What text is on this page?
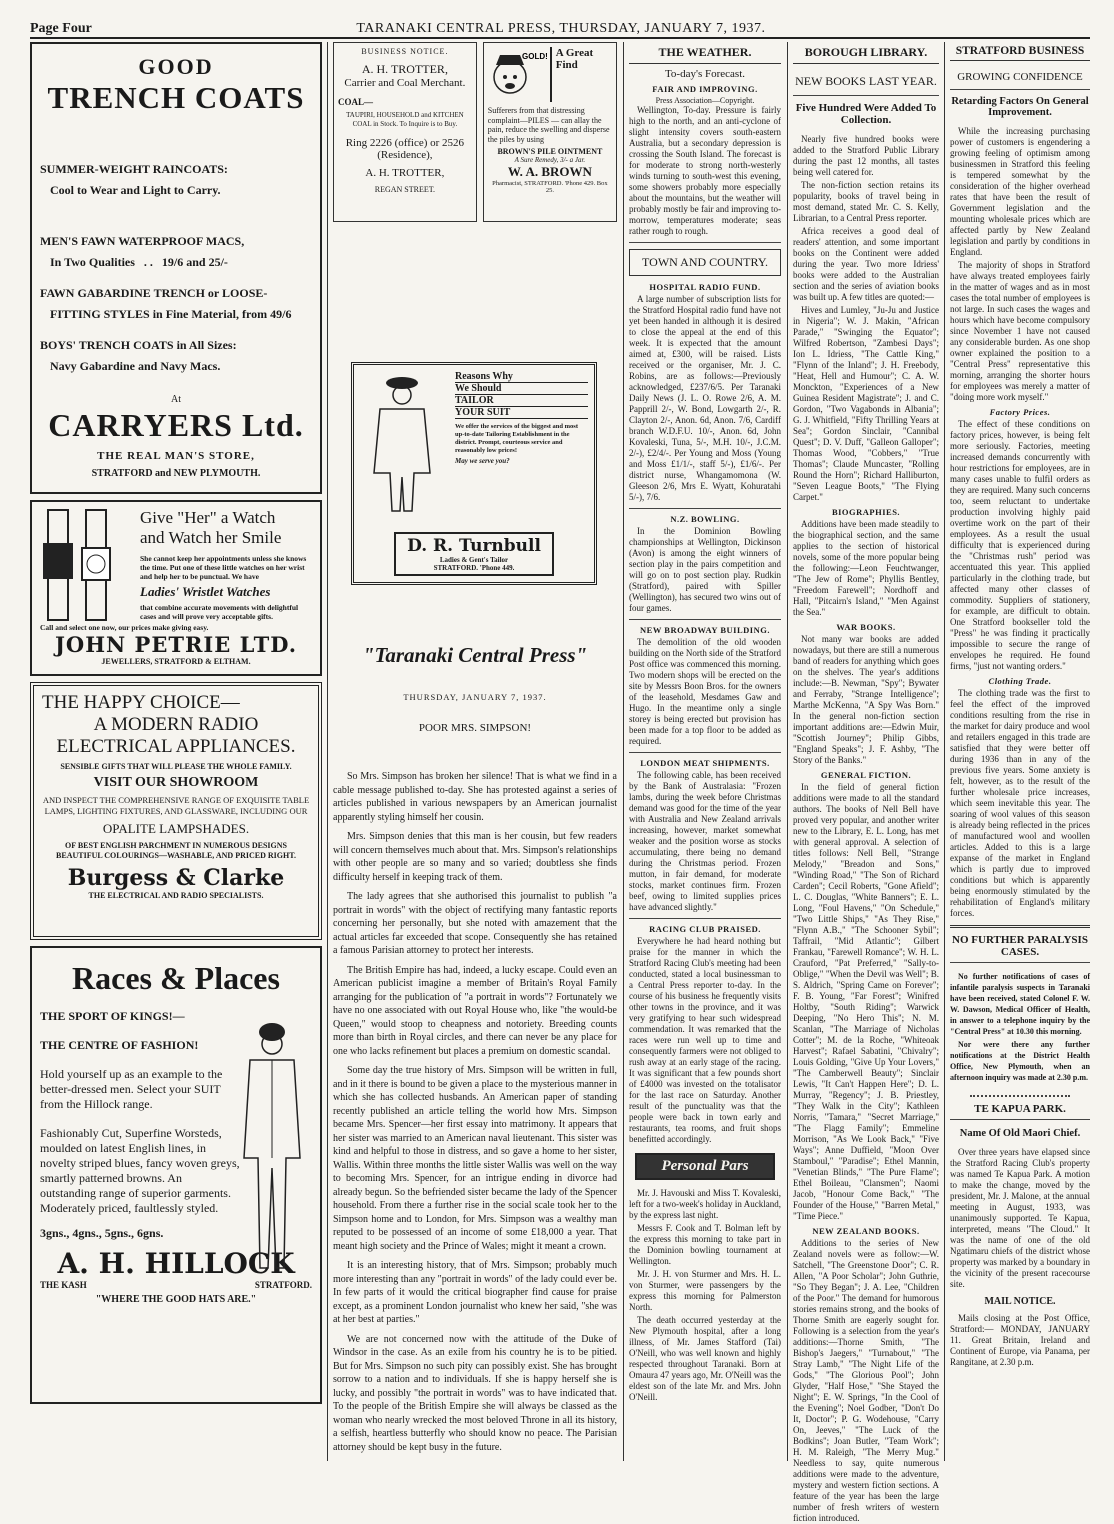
Page Four	TARANAKI CENTRAL PRESS, THURSDAY, JANUARY 7, 1937.
GOOD
TRENCH COATS
SUMMER-WEIGHT RAINCOATS:
Cool to Wear and Light to Carry.
MEN'S FAWN WATERPROOF MACS,
In Two Qualities   . .   19/6 and 25/-
FAWN GABARDINE TRENCH or LOOSE-
FITTING STYLES in Fine Material, from 49/6
BOYS' TRENCH COATS in All Sizes:
Navy Gabardine and Navy Macs.
At
CARRYERS Ltd.
THE REAL MAN'S STORE,
STRATFORD and NEW PLYMOUTH.
Give "Her" a Watch
and Watch her Smile
She cannot keep her appointments unless she knows the time. Put one of these little watches on her wrist and help her to be punctual. We have
Ladies' Wristlet Watches
that combine accurate movements with delightful cases and will prove very acceptable gifts.
Call and select one now, our prices make giving easy.
JOHN PETRIE LTD.
JEWELLERS, STRATFORD & ELTHAM.
THE HAPPY CHOICE—
A MODERN RADIO
ELECTRICAL APPLIANCES.
SENSIBLE GIFTS THAT WILL PLEASE THE WHOLE FAMILY.
VISIT OUR SHOWROOM
AND INSPECT THE COMPREHENSIVE RANGE OF EXQUISITE TABLE LAMPS, LIGHTING FIXTURES, AND GLASSWARE, INCLUDING OUR
OPALITE LAMPSHADES.
OF BEST ENGLISH PARCHMENT IN NUMEROUS DESIGNS BEAUTIFUL COLOURINGS—WASHABLE, AND PRICED RIGHT.
Burgess & Clarke
THE ELECTRICAL AND RADIO SPECIALISTS.
Races & Places
THE SPORT OF KINGS!—
THE CENTRE OF FASHION!
Hold yourself up as an example to the better-dressed men. Select your SUIT from the Hillock range.
Fashionably Cut, Superfine Worsteds, moulded on latest English lines, in novelty striped blues, fancy woven greys, smartly patterned browns. An outstanding range of superior garments. Moderately priced, faultlessly styled.
3gns., 4gns., 5gns., 6gns.
A. H. HILLOCK
THE KASH	STRATFORD.
"WHERE THE GOOD HATS ARE."
BUSINESS NOTICE.
A. H. TROTTER,
Carrier and Coal Merchant.
COAL—
TAUPIRI, HOUSEHOLD and KITCHEN COAL in Stock. To Inquire is to Buy.
Ring 2226 (office) or 2526 (Residence),
A. H. TROTTER,
REGAN STREET.
GOLD! A Great Find
Sufferers from that distressing complaint—PILES — can allay the pain, reduce the swelling and disperse the piles by using
BROWN'S PILE OINTMENT
A Sure Remedy, 3/- a Jar.
W. A. BROWN
Pharmacist, STRATFORD. 'Phone 429. Box 25.
Reasons Why
We Should
TAILOR
YOUR SUIT
We offer the services of the biggest and most up-to-date Tailoring Establishment in the district. Prompt, courteous service and reasonably low prices!
May we serve you?
D. R. Turnbull
Ladies & Gent's Tailor
STRATFORD. 'Phone 449.
"Taranaki Central Press"
THURSDAY, JANUARY 7, 1937.
POOR MRS. SIMPSON!

So Mrs. Simpson has broken her silence! That is what we find in a cable message published to-day. She has protested against a series of articles published in various newspapers by an American journalist apparently styling himself her cousin.

Mrs. Simpson denies that this man is her cousin, but few readers will concern themselves much about that. Mrs. Simpson's relationships with other people are so many and so varied; doubtless she finds difficulty herself in keeping track of them.

The lady agrees that she authorised this journalist to publish "a portrait in words" with the object of rectifying many fantastic reports concerning her personally, but she noted with amazement that the actual articles far exceeded that scope. Consequently she has retained a famous Parisian attorney to protect her interests.

The British Empire has had, indeed, a lucky escape. Could even an American publicist imagine a member of Britain's Royal Family arranging for the publication of "a portrait in words"? Fortunately we have no one associated with out Royal House who, like "the would-be Queen," would stoop to cheapness and notoriety. Breeding counts more than birth in Royal circles, and there can never be any place for one who lacks refinement but places a premium on domestic scandal.

Some day the true history of Mrs. Simpson will be written in full, and in it there is bound to be given a place to the mysterious manner in which she has collected husbands. An American paper of standing recently published an article telling the world how Mrs. Simpson became Mrs. Spencer—her first essay into matrimony. It appears that her sister was married to an American naval lieutenant. This sister was kind and helpful to those in distress, and so gave a home to her sister, Wallis. Within three months the little sister Wallis was well on the way to becoming Mrs. Spencer, for an intrigue ending in divorce had already begun. So the befriended sister became the lady of the Spencer household. From there a further rise in the social scale took her to the Simpson home and to London, for Mrs. Simpson was a wealthy man reputed to be possessed of an income of some £18,000 a year. That meant high society and the Prince of Wales; might it meant a crown.

It is an interesting history, that of Mrs. Simpson; probably much more interesting than any "portrait in words" of the lady could ever be. In few parts of it would the critical biographer find cause for praise except, as a prominent London journalist who knew her said, "she was at her best at parties."

We are not concerned now with the attitude of the Duke of Windsor in the case. As an exile from his country he is to be pitied. But for Mrs. Simpson no such pity can possibly exist. She has brought sorrow to a nation and to individuals. If she is happy herself she is lucky, and possibly "the portrait in words" was to have indicated that. To the people of the British Empire she will always be classed as the woman who nearly wrecked the most beloved Throne in all its history, a selfish, heartless butterfly who should know no peace. The Parisian attorney should be kept busy in the future.

THE WEATHER.
To-day's Forecast.
FAIR AND IMPROVING.
Press Association—Copyright.

Wellington, To-day. Pressure is fairly high to the north, and an anti-cyclone of slight intensity covers south-eastern Australia, but a secondary depression is crossing the South Island. The forecast is for moderate to strong north-westerly winds turning to south-west this evening, some showers probably more especially about the mountains, but the weather will probably mostly be fair and improving to-morrow, temperatures moderate; seas rather rough to rough.

TOWN AND COUNTRY.
HOSPITAL RADIO FUND.

A large number of subscription lists for the Stratford Hospital radio fund have not yet been handed in although it is desired to close the appeal at the end of this week. It is expected that the amount aimed at, £300, will be raised. Lists received or the organiser, Mr. J. C. Robins, are as follows:—Previously acknowledged, £237/6/5. Per Taranaki Daily News (J. L. O. Rowe 2/6, A. M. Papprill 2/-, W. Bond, Lowgarth 2/-, R. Clayton 2/-, Anon. 6d, Anon. 7/6, Cardiff branch W.D.F.U. 10/-, Anon. 6d, John Kovaleski, Tuna, 5/-, M.H. 10/-, J.C.M. 2/-), £2/4/-. Per Young and Moss (Young and Moss £1/1/-, staff 5/-), £1/6/-. Per district nurse, Whangamomona (W. Gleeson 2/6, Mrs E. Wyatt, Kohuratahi 5/-), 7/6.

N.Z. BOWLING.

In the Dominion Bowling championships at Wellington, Dickinson (Avon) is among the eight winners of section play in the pairs competition and will go on to post section play. Rudkin (Stratford), paired with Spiller (Wellington), has secured two wins out of four games.

NEW BROADWAY BUILDING.

The demolition of the old wooden building on the North side of the Stratford Post office was commenced this morning. Two modern shops will be erected on the site by Messrs Boon Bros. for the owners of the leasehold, Mesdames Gaw and Hugo. In the meantime only a single storey is being erected but provision has been made for a top floor to be added as required.

LONDON MEAT SHIPMENTS.

The following cable, has been received by the Bank of Australasia: "Frozen lambs, during the week before Christmas demand was good for the time of the year with Australia and New Zealand arrivals increasing, however, market somewhat weaker and the position worse as stocks accumulating, there being no demand during the Christmas period. Frozen mutton, in fair demand, for moderate stocks, market continues firm. Frozen beef, owing to limited supplies prices have advanced slightly."

RACING CLUB PRAISED.

Everywhere he had heard nothing but praise for the manner in which the Stratford Racing Club's meeting had been conducted, stated a local businessman to a Central Press reporter to-day. In the course of his business he frequently visits other towns in the province, and it was very gratifying to hear such widespread commendation. It was remarked that the races were run well up to time and consequently farmers were not obliged to rush away at an early stage of the racing. It was significant that a few pounds short of £4000 was invested on the totalisator for the last race on Saturday. Another result of the punctuality was that the people were back in town early and restaurants, tea rooms, and fruit shops benefitted accordingly.

Personal Pars

Mr. J. Havouski and Miss T. Kovaleski, left for a two-week's holiday in Auckland, by the express last night.

Messrs F. Cook and T. Bolman left by the express this morning to take part in the Dominion bowling tournament at Wellington.

Mr. J. H. von Sturmer and Mrs. H. L. von Sturmer, were passengers by the express this morning for Palmerston North.

The death occurred yesterday at the New Plymouth hospital, after a long illness, of Mr. James Stafford (Tai) O'Neill, who was well known and highly respected throughout Taranaki. Born at Omaura 47 years ago, Mr. O'Neill was the eldest son of the late Mr. and Mrs. John O'Neill.

BOROUGH LIBRARY.
NEW BOOKS LAST YEAR.
Five Hundred Were Added To Collection.

Nearly five hundred books were added to the Stratford Public Library during the past 12 months, all tastes being well catered for.

The non-fiction section retains its popularity, books of travel being in most demand, stated Mr. C. S. Kelly, Librarian, to a Central Press reporter.

Africa receives a good deal of readers' attention, and some important books on the Continent were added during the year. Two more Idriess' books were added to the Australian section and the series of aviation books was built up. A few titles are quoted:—

Hives and Lumley, "Ju-Ju and Justice in Nigeria"; W. J. Makin, "African Parade," "Swinging the Equator"; Wilfred Robertson, "Zambesi Days"; Ion L. Idriess, "The Cattle King," "Flynn of the Inland"; J. H. Freebody, "Heat, Hell and Humour"; C. A. W. Monckton, "Experiences of a New Guinea Resident Magistrate"; J. and C. Gordon, "Two Vagabonds in Albania"; G. J. Whitfield, "Fifty Thrilling Years at Sea"; Gordon Sinclair, "Cannibal Quest"; D. V. Duff, "Galleon Galloper"; Thomas Wood, "Cobbers," "True Thomas"; Claude Muncaster, "Rolling Round the Horn"; Richard Halliburton, "Seven League Boots," "The Flying Carpet."

BIOGRAPHIES.

Additions have been made steadily to the biographical section, and the same applies to the section of historical novels, some of the more popular being the following:—Leon Feuchtwanger, "The Jew of Rome"; Phyllis Bentley, "Freedom Farewell"; Nordhoff and Hall, "Pitcairn's Island," "Men Against the Sea."

WAR BOOKS.

Not many war books are added nowadays, but there are still a numerous band of readers for anything which goes on the shelves. The year's additions include:—B. Newman, "Spy"; Bywater and Ferraby, "Strange Intelligence"; Marthe McKenna, "A Spy Was Born." In the general non-fiction section important additions are:—Edwin Muir, "Scottish Journey"; Philip Gibbs, "England Speaks"; J. F. Ashby, "The Story of the Banks."

GENERAL FICTION.

In the field of general fiction additions were made to all the standard authors. The books of Nell Bell have proved very popular, and another writer new to the Library, E. L. Long, has met with general approval. A selection of titles follows: Nell Bell, "Strange Melody," "Breadon and Sons," "Winding Road," "The Son of Richard Carden"; Cecil Roberts, "Gone Afield"; L. C. Douglas, "White Banners"; E. L. Long, "Foul Havens," "On Schedule," "Two Little Ships," "As They Rise," "Flynn A.B.," "The Schooner Sybil"; Taffrail, "Mid Atlantic"; Gilbert Frankau, "Farewell Romance"; W. H. L. Crauford, "Pat Preferred," "Sally-to-Oblige," "When the Devil was Well"; B. S. Aldrich, "Spring Came on Forever"; F. B. Young, "Far Forest"; Winifred Holtby, "South Riding"; Warwick Deeping, "No Hero This"; N. M. Scanlan, "The Marriage of Nicholas Cotter"; M. de la Roche, "Whiteoak Harvest"; Rafael Sabatini, "Chivalry"; Louis Golding, "Give Up Your Lovers," "The Camberwell Beauty"; Sinclair Lewis, "It Can't Happen Here"; D. L. Murray, "Regency"; J. B. Priestley, "They Walk in the City"; Kathleen Norris, "Tamara," "Secret Marriage," "The Flagg Family"; Emmeline Morrison, "As We Look Back," "Five Ways"; Anne Duffield, "Moon Over Stamboul," "Paradise"; Ethel Mannin, "Venetian Blinds," "The Pure Flame"; Ethel Boileau, "Clansmen"; Naomi Jacob, "Honour Come Back," "The Founder of the House," "Barren Metal," "Time Piece."

NEW ZEALAND BOOKS.

Additions to the series of New Zealand novels were as follow:—W. Satchell, "The Greenstone Door"; C. R. Allen, "A Poor Scholar"; John Guthrie, "So They Began"; J. A. Lee, "Children of the Poor." The demand for humorous stories remains strong, and the books of Thorne Smith are eagerly sought for. Following is a selection from the year's additions:—Thorne Smith, "The Bishop's Jaegers," "Turnabout," "The Stray Lamb," "The Night Life of the Gods," "The Glorious Pool"; John Glyder, "Half Hose," "She Stayed the Night"; E. W. Springs, "In the Cool of the Evening"; Noel Godber, "Don't Do It, Doctor"; P. G. Wodehouse, "Carry On, Jeeves," "The Luck of the Bodkins"; Joan Butler, "Team Work"; H. M. Raleigh, "The Merry Mug." Needless to say, quite numerous additions were made to the adventure, mystery and western fiction sections. A feature of the year has been the large number of fresh writers of western fiction introduced.

STRATFORD BUSINESS
GROWING CONFIDENCE
Retarding Factors On General Improvement.

While the increasing purchasing power of customers is engendering a growing feeling of optimism among businessmen in Stratford this feeling is tempered somewhat by the consideration of the higher overhead rates that have been the result of Government legislation and the mounting wholesale prices which are affected partly by New Zealand legislation and partly by conditions in England.

The majority of shops in Stratford have always treated employees fairly in the matter of wages and as in most cases the total number of employees is not large. In such cases the wages and hours which have become compulsory since November 1 have not caused any considerable burden. As one shop owner explained the position to a "Central Press" representative this morning, arranging the shorter hours for employees was merely a matter of "doing more work myself."

Factory Prices.

The effect of these conditions on factory prices, however, is being felt more seriously. Factories, meeting increased demands concurrently with hour restrictions for employees, are in many cases unable to fulfil orders as they are required. Many such concerns too, seem reluctant to undertake production involving highly paid overtime work on the part of their employees. As a result the usual difficulty that is experienced during the "Christmas rush" period was accentuated this year. This applied particularly in the clothing trade, but affected many other classes of commodity. Suppliers of stationery, for example, are difficult to obtain. One Stratford bookseller told the "Press" he was finding it practically impossible to secure the range of envelopes he required. He found firms, "just not wanting orders."

Clothing Trade.

The clothing trade was the first to feel the effect of the improved conditions resulting from the rise in the market for dairy produce and wool and retailers engaged in this trade are satisfied that they were better off during 1936 than in any of the previous five years. Some anxiety is felt, however, as to the result of the further wholesale price increases, which seem inevitable this year. The soaring of wool values of this season is already being reflected in the prices of manufactured wool and woollen articles. Added to this is a large expanse of the market in England which is partly due to improved conditions but which is apparently being enormously stimulated by the rehabilitation of England's military forces.

NO FURTHER PARALYSIS CASES.

No further notifications of cases of infantile paralysis suspects in Taranaki have been received, stated Colonel F. W. W. Dawson, Medical Officer of Health, in answer to a telephone inquiry by the "Central Press" at 10.30 this morning.

Nor were there any further notifications at the District Health Office, New Plymouth, when an afternoon inquiry was made at 2.30 p.m.

TE KAPUA PARK.
Name Of Old Maori Chief.

Over three years have elapsed since the Stratford Racing Club's property was named Te Kapua Park. A motion to make the change, moved by the president, Mr. J. Malone, at the annual meeting in August, 1933, was unanimously supported. Te Kapua, interpreted, means "The Cloud." It was the name of one of the old Ngatimaru chiefs of the district whose property was marked by a boundary in the vicinity of the present racecourse site.

MAIL NOTICE.

Mails closing at the Post Office, Stratford:— MONDAY, JANUARY 11. Great Britain, Ireland and Continent of Europe, via Panama, per Rangitane, at 2.30 p.m.
